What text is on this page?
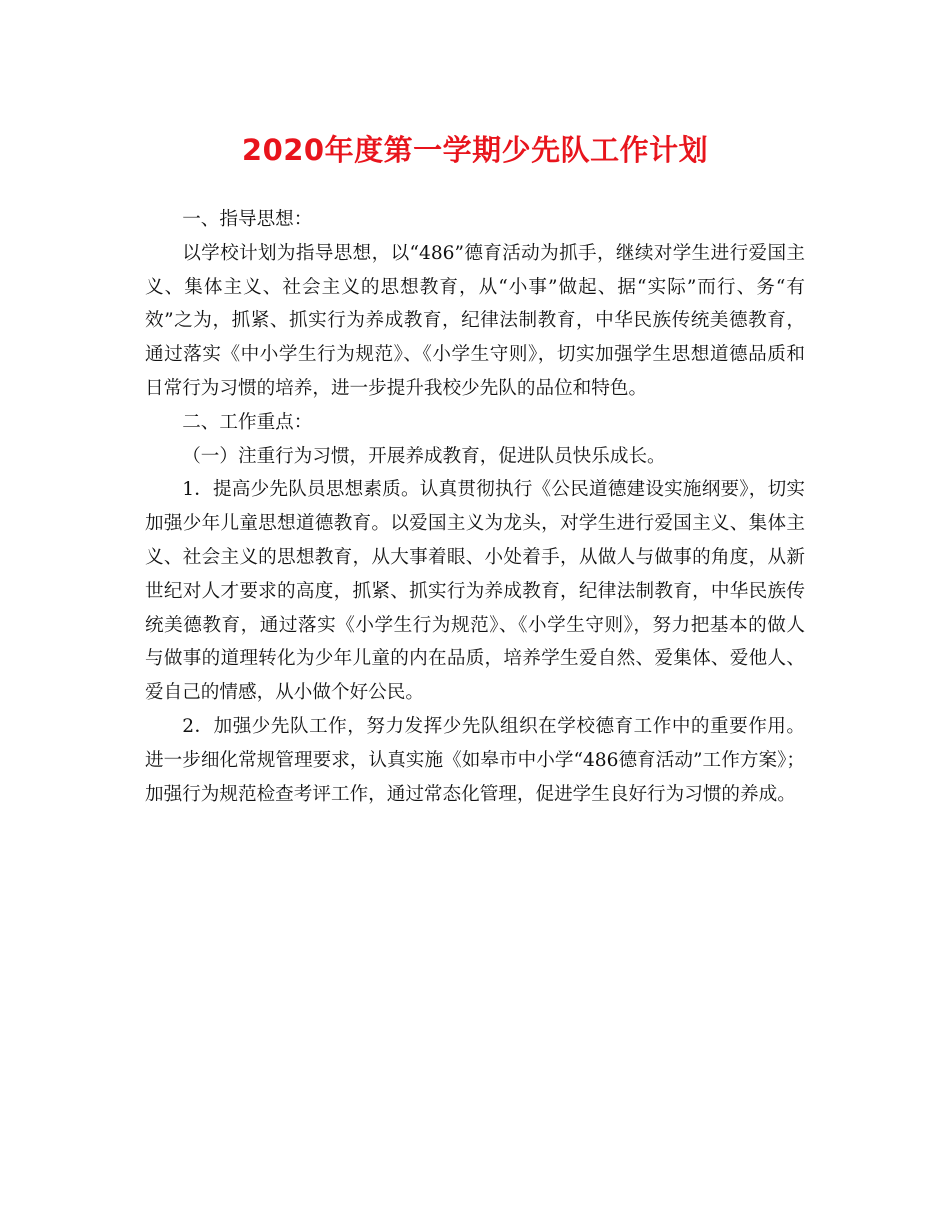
2020年度第一学期少先队工作计划

一、指导思想：

以学校计划为指导思想，以“486”德育活动为抓手，继续对学生进行爱国主义、集体主义、社会主义的思想教育，从“小事”做起、据“实际”而行、务“有效”之为，抓紧、抓实行为养成教育，纪律法制教育，中华民族传统美德教育，通过落实《中小学生行为规范》、《小学生守则》，切实加强学生思想道德品质和日常行为习惯的培养，进一步提升我校少先队的品位和特色。

二、工作重点：

（一）注重行为习惯，开展养成教育，促进队员快乐成长。

1．提高少先队员思想素质。认真贯彻执行《公民道德建设实施纲要》，切实加强少年儿童思想道德教育。以爱国主义为龙头，对学生进行爱国主义、集体主义、社会主义的思想教育，从大事着眼、小处着手，从做人与做事的角度，从新世纪对人才要求的高度，抓紧、抓实行为养成教育，纪律法制教育，中华民族传统美德教育，通过落实《小学生行为规范》、《小学生守则》，努力把基本的做人与做事的道理转化为少年儿童的内在品质，培养学生爱自然、爱集体、爱他人、爱自己的情感，从小做个好公民。

2．加强少先队工作，努力发挥少先队组织在学校德育工作中的重要作用。进一步细化常规管理要求，认真实施《如皋市中小学“486德育活动”工作方案》；加强行为规范检查考评工作，通过常态化管理，促进学生良好行为习惯的养成。
